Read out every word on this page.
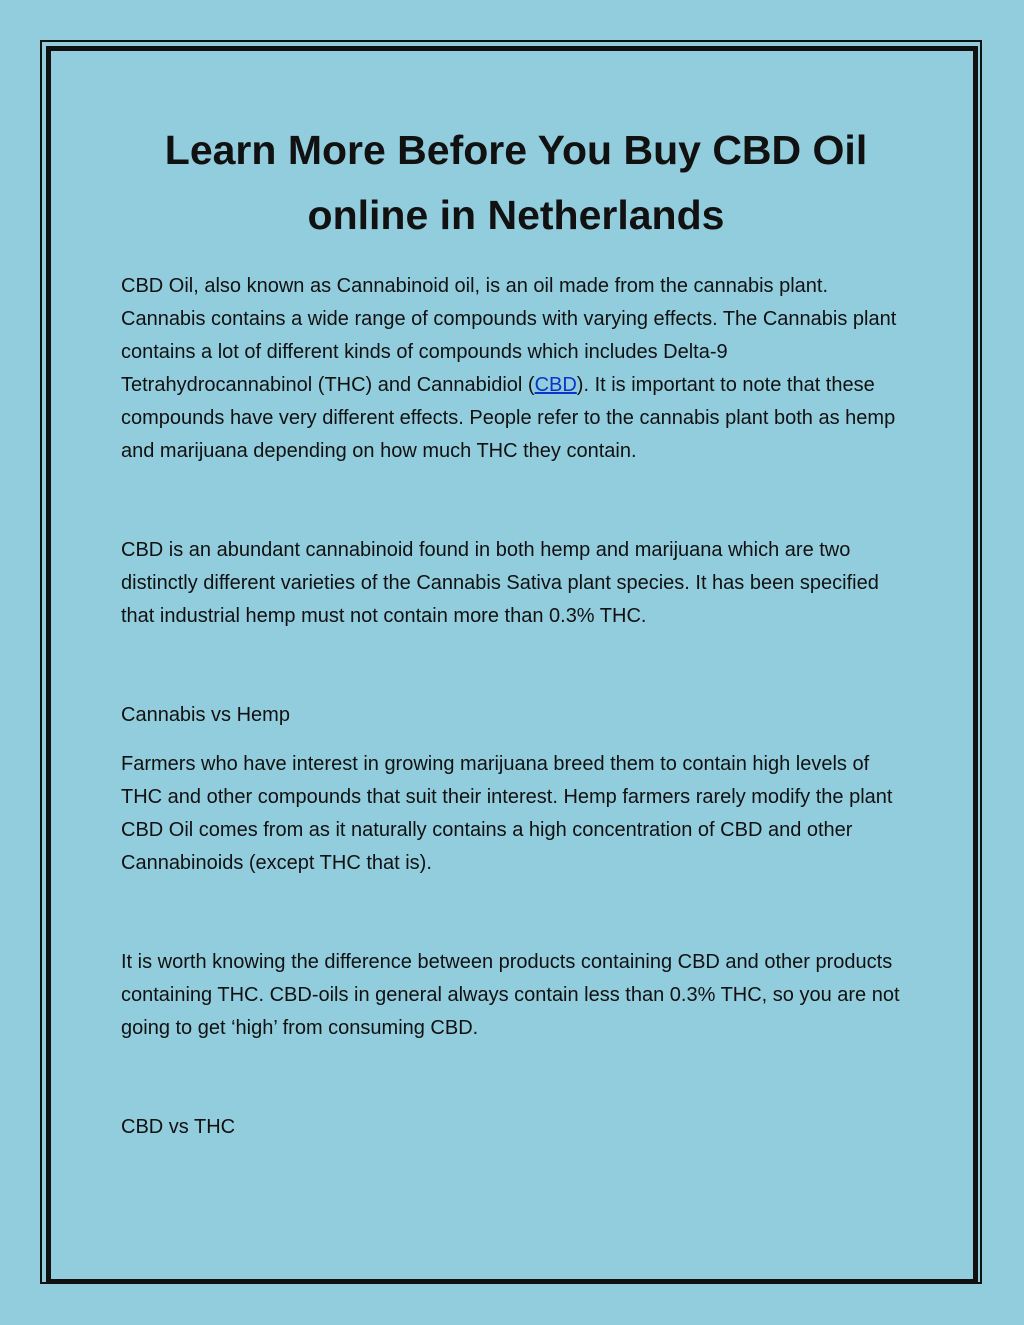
Learn More Before You Buy CBD Oil online in Netherlands

CBD Oil, also known as Cannabinoid oil, is an oil made from the cannabis plant. Cannabis contains a wide range of compounds with varying effects. The Cannabis plant contains a lot of different kinds of compounds which includes Delta-9 Tetrahydrocannabinol (THC) and Cannabidiol (CBD). It is important to note that these compounds have very different effects. People refer to the cannabis plant both as hemp and marijuana depending on how much THC they contain.

CBD is an abundant cannabinoid found in both hemp and marijuana which are two distinctly different varieties of the Cannabis Sativa plant species. It has been specified that industrial hemp must not contain more than 0.3% THC.

Cannabis vs Hemp

Farmers who have interest in growing marijuana breed them to contain high levels of THC and other compounds that suit their interest. Hemp farmers rarely modify the plant CBD Oil comes from as it naturally contains a high concentration of CBD and other Cannabinoids (except THC that is).

It is worth knowing the difference between products containing CBD and other products containing THC. CBD-oils in general always contain less than 0.3% THC, so you are not going to get ‘high’ from consuming CBD.

CBD vs THC
